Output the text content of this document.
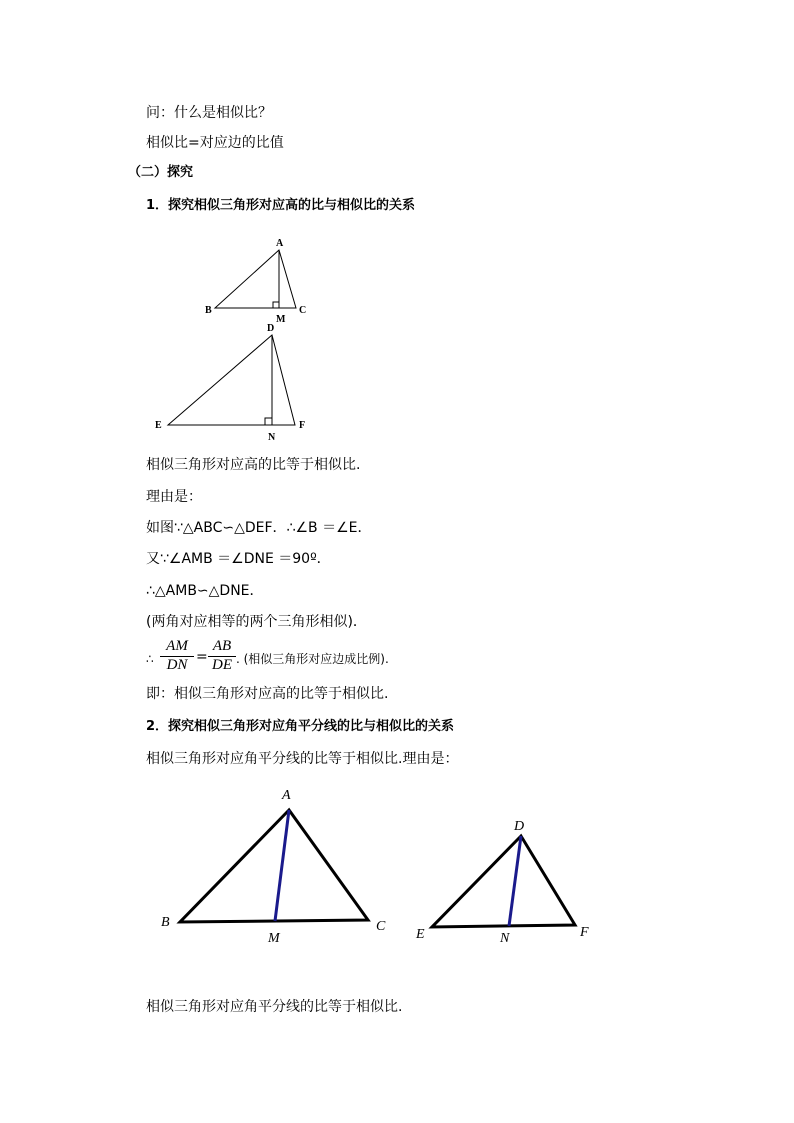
问：什么是相似比？
相似比=对应边的比值
（二）探究
1．探究相似三角形对应高的比与相似比的关系
A
B	C
M
D
E	F
N
相似三角形对应高的比等于相似比.
理由是：
如图∵△ABC∽△DEF．∴∠B ＝∠E．
又∵∠AMB ＝∠DNE ＝90º．
∴△AMB∽△DNE．
(两角对应相等的两个三角形相似)．
∴ $\frac{AM}{DN} = \frac{AB}{DE}$ . (相似三角形对应边成比例).
即：相似三角形对应高的比等于相似比.
2．探究相似三角形对应角平分线的比与相似比的关系
相似三角形对应角平分线的比等于相似比.理由是：
A
B	C
M
D
E	F
N
相似三角形对应角平分线的比等于相似比.
